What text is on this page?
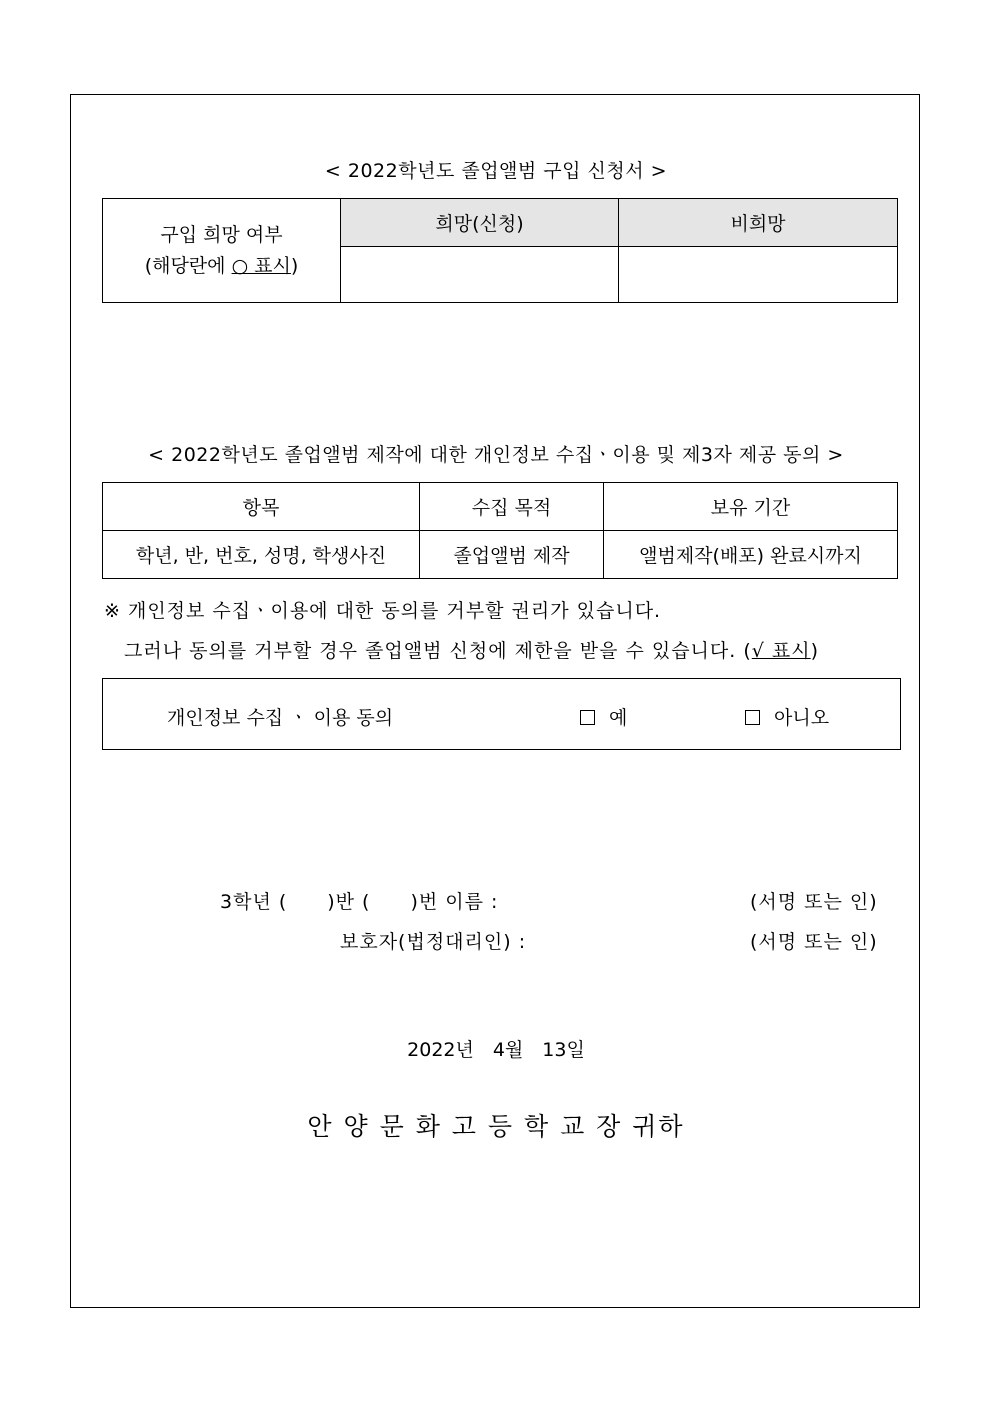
< 2022학년도 졸업앨범 구입 신청서 >
구입 희망 여부
(해당란에 ○ 표시)	희망(신청)	비희망

< 2022학년도 졸업앨범 제작에 대한 개인정보 수집ㆍ이용 및 제3자 제공 동의 >
항목	수집 목적	보유 기간
학년, 반, 번호, 성명, 학생사진	졸업앨범 제작	앨범제작(배포) 완료시까지
※ 개인정보 수집ㆍ이용에 대한 동의를 거부할 권리가 있습니다.
그러나 동의를 거부할 경우 졸업앨범 신청에 제한을 받을 수 있습니다. (√ 표시)
개인정보 수집 ㆍ 이용 동의	예	아니오
3학년 (　　)반 (　　)번 이름 :	(서명 또는 인)
보호자(법정대리인) :	(서명 또는 인)
2022년　4월　13일
안 양 문 화 고 등 학 교 장 귀하
